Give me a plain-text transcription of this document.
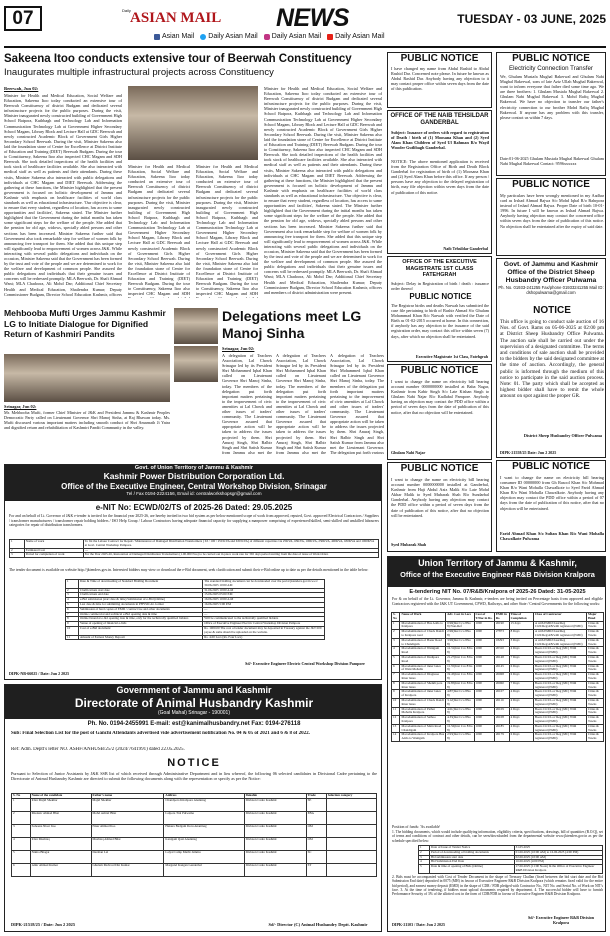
07	Daily ASIAN MAIL NEWS	TUESDAY - 03 JUNE, 2025
Asian Mail Daily Asian Mail Daily Asian Mail Daily Asian Mail
Sakeena Itoo conducts extensive tour of Beerwah Constituency
Inaugurates multiple infrastructural projects across Constituency
Beerwah, Jun 02:
Minister for Health and Medical Education, Social Welfare and Education, Sakeena Itoo today conducted an extensive tour of Beerwah Constituency of district Budgam and dedicated several infrastructure projects for the public purposes. During the visit, Minister inaugurated newly constructed building of Government High School Batpora, Kuthbagh and Technology Lab and Information Communication Technology Lab at Government Higher Secondary School Magam, Library Block and Lecture Hall at GDC Beerwah and newly constructed Academic Block of Government Girls Higher Secondary School Beerwah. During the visit, Minister Sakeena also laid the foundation stone of Centre for Excellence at District Institute of Education and Training (DIET) Beerwah Budgam. During the tour to Constituency, Sakeena Itoo also inspected CHC Magam and SDH Beerwah. She took detailed inspections of the health facilities and took stock of healthcare facilities available. She also interacted with medical staff as well as patients and their attendants. During these visits, Minister Sakeena also interacted with public delegations and individuals at CHC Magam and DIET Beerwah. Addressing the gathering at these functions, the Minister highlighted that the present government is focused on holistic development of Jammu and Kashmir with emphasis on healthcare facilities of world class standards as well as educational infrastructure. 'Our objective is clear, to ensure that every student, regardless of location, has access to same opportunities and facilities', Sakeena stated. The Minister further highlighted that the Government during the initial months has taken some significant steps for the welfare of the people. She added that the pension for old age, widows, specially abled persons and other sections has been increased. Minister Sakeena further said that Government also took remarkable step for welfare of women folk by announcing free transport for them. She added that this unique step will significantly lead to empowerment of women across J&K. While interacting with several public delegations and individuals on the occasion, Minister Sakeena said that the Government has been formed by the trust and vote of the people and we are determined to work for the welfare and development of common people. She assured the public delegations and individuals that their genuine issues and concerns will be redressed promptly. MLA Beerwah, Dr. Shafi Ahmad Wani; MLA Chadoora, Ali Mohd Dar; Additional Chief Secretary Health and Medical Education, Shailendra Kumar; Deputy Commissioner Budgam, Director School Education Kashmir, officers
Minister for Health and Medical Education, Social Welfare and Education, Sakeena Itoo today conducted an extensive tour of Beerwah Constituency of district Budgam and dedicated several infrastructure projects for the public purposes. During the visit, Minister inaugurated newly constructed building of Government High School Batpora, Kuthbagh and Technology Lab and Information Communication Technology Lab at Government Higher Secondary School Magam, Library Block and Lecture Hall at GDC Beerwah and newly constructed Academic Block of Government Girls Higher Secondary School Beerwah. During the visit, Minister Sakeena also laid the foundation stone of Centre for Excellence at District Institute of Education and Training (DIET) Beerwah Budgam. During the tour to Constituency, Sakeena Itoo also inspected CHC Magam and SDH
Minister for Health and Medical Education, Social Welfare and Education, Sakeena Itoo today conducted an extensive tour of Beerwah Constituency of district Budgam and dedicated several infrastructure projects for the public purposes. During the visit, Minister inaugurated newly constructed building of Government High School Batpora, Kuthbagh and Technology Lab and Information Communication Technology Lab at Government Higher Secondary School Magam, Library Block and Lecture Hall at GDC Beerwah and newly constructed Academic Block of Government Girls Higher Secondary School Beerwah. During the visit, Minister Sakeena also laid the foundation stone of Centre for Excellence at District Institute of Education and Training (DIET) Beerwah Budgam. During the tour to Constituency, Sakeena Itoo also inspected CHC Magam and SDH
Minister for Health and Medical Education, Social Welfare and Education, Sakeena Itoo today conducted an extensive tour of Beerwah Constituency of district Budgam and dedicated several infrastructure projects for the public purposes. During the visit, Minister inaugurated newly constructed building of Government High School Batpora, Kuthbagh and Technology Lab and Information Communication Technology Lab at Government Higher Secondary School Magam, Library Block and Lecture Hall at GDC Beerwah and newly constructed Academic Block of Government Girls Higher Secondary School Beerwah. During the visit, Minister Sakeena also laid the foundation stone of Centre for Excellence at District Institute of Education and Training (DIET) Beerwah Budgam. During the tour to Constituency, Sakeena Itoo also inspected CHC Magam and SDH Beerwah. She took detailed inspections of the health facilities and took stock of healthcare facilities available. She also interacted with medical staff as well as patients and their attendants. During these visits, Minister Sakeena also interacted with public delegations and individuals at CHC Magam and DIET Beerwah. Addressing the gathering at these functions, the Minister highlighted that the present government is focused on holistic development of Jammu and Kashmir with emphasis on healthcare facilities of world class standards as well as educational infrastructure. 'Our objective is clear, to ensure that every student, regardless of location, has access to same opportunities and facilities', Sakeena stated. The Minister further highlighted that the Government during the initial months has taken some significant steps for the welfare of the people. She added that the pension for old age, widows, specially abled persons and other sections has been increased. Minister Sakeena further said that Government also took remarkable step for welfare of women folk by announcing free transport for them. She added that this unique step will significantly lead to empowerment of women across J&K. While interacting with several public delegations and individuals on the occasion, Minister Sakeena said that the Government has been formed by the trust and vote of the people and we are determined to work for the welfare and development of common people. She assured the public delegations and individuals that their genuine issues and concerns will be redressed promptly. MLA Beerwah, Dr. Shafi Ahmad Wani; MLA Chadoora, Ali Mohd Dar; Additional Chief Secretary Health and Medical Education, Shailendra Kumar; Deputy Commissioner Budgam, Director School Education Kashmir, officers and members of district administration were present.
Mehbooba Mufti Urges Jammu Kashmir LG to Initiate Dialogue for Dignified Return of Kashmiri Pandits
Srinagar, Jun 02:
Mr. Mehbooba Mufti, former Chief Minister of J&K and President Jammu & Kashmir Peoples Democratic Party called on Lieutenant Governor Shri Manoj Sinha, at Raj Bhawan today. Ms. Mufti discussed various important matters including smooth conduct of Shri Amarnath Ji Yatra and dignified return and rehabilitation of Kashmiri Pandit Community in the valley.
Delegations meet LG Manoj Sinha
Srinagar, Jun 02:
A delegation of Teachers Association, Lal Chowk Srinagar led by its President Shri Mohammed Iqbal Khan called on Lieutenant Governor Shri Manoj Sinha, today. The members of the delegation put forth important matters pertaining to the improvement of civic amenities at Lal Chowk and other issues of traders' community. The Lieutenant Governor assured that appropriate action will be taken to address the issues projected by them. Shri Anuraj Singh, Shri Balbir Singh and Shri Satish Kumar from Jammu also met the
A delegation of Teachers Association, Lal Chowk Srinagar led by its President Shri Mohammed Iqbal Khan called on Lieutenant Governor Shri Manoj Sinha, today. The members of the delegation put forth important matters pertaining to the improvement of civic amenities at Lal Chowk and other issues of traders' community. The Lieutenant Governor assured that appropriate action will be taken to address the issues projected by them. Shri Anuraj Singh, Shri Balbir Singh and Shri Satish Kumar from Jammu also met the
A delegation of Teachers Association, Lal Chowk Srinagar led by its President Shri Mohammed Iqbal Khan called on Lieutenant Governor Shri Manoj Sinha, today. The members of the delegation put forth important matters pertaining to the improvement of civic amenities at Lal Chowk and other issues of traders' community. The Lieutenant Governor assured that appropriate action will be taken to address the issues projected by them. Shri Anuraj Singh, Shri Balbir Singh and Shri Satish Kumar from Jammu also met the Lieutenant Governor. The delegation put forth various
PUBLIC NOTICE
I have changed my name from Abdul Rashid to Abdul Rashid Dar. Concerned note please. In future be known as Abdul Rashid Dar. Anybody having any objection to it may contact proper office within seven days from the date of this publication.
OFFICE OF THE NAIB TEHSILDAR GANDERBAL
Subject: Issuance of orders with regard to registration of Death / birth of (1) Moosana Khan and (2) Syed Alam Khan Children of Syed Ul Rahman R/o Wayil Wooder Gutlibagh Ganderbal.
NOTICE: The above mentioned application is received from the Registration Office of Birth and Death Block Ganderbal for registration of birth of (1) Moosana Khan and (2) Syed Alam Khan before this office. If any person / persons have any objection to the delayed registration of birth, may file objection within seven days from the date of publication of this notice.
Naib Tehsildar Ganderbal
OFFICE OF THE EXECUTIVE MAGISTRATE 1ST CLASS FATEHGRAH
Subject: Delay in Registration of birth / death : issuance order thereof
PUBLIC NOTICE
The Registrar births and deaths Narwah has submitted the case file pertaining to birth of Bashir Ahmad S/o Ghulam Mohammad Khan R/o Narwah with verified the Date of Birth as 01-02-2015 occurred at home. In this connection, if anybody has any objection to the issuance of the said registration order, may contact this office within seven (7) days, after which no objection shall be entertained.
Executive Magistrate 1st Class, Fatehgrah
PUBLIC NOTICE
I want to change the name on electricity bill bearing account number 0000000000 installed at Baba Nagar, Kashmir from Kabir Singh S/o Late Kishan Singh to Ghulam Nabi Najar R/o Kadlabal Pampore. Anybody having an objection may contact the PDD office within a period of seven days from the date of publication of this notice, after that no objection will be entertained.
Ghulam Nabi Najar
PUBLIC NOTICE
I want to change the name on electricity bill bearing account number 0000000000 installed at Ganderbal, Kashmir from Haji Abdul Aziz Malik S/o Late Mohd Akbar Malik to Syed Mubarak Shah R/o Sundarbal Ganderbal. Anybody having any objection may contact the PDD office within a period of seven days from the date of publication of this notice, after that no objection will be entertained.
Syed Mubarak Shah
PUBLIC NOTICE
Electricity Connection Transfer
We, Ghulam Mustafa Mughal Bakerwal and Ghulam Nabi Mughal Bakerwal, sons of late Aziz Ullah Mughal Bakerwal, want to inform everyone that father died some time ago. We are three brothers: 1. Ghulam Mustafa Mughal Bakerwal 2. Ghulam Nabi Mughal Bakerwal 3. Mohd Rafiq Mughal Bakerwal. We have no objection to transfer our father's electricity connection to our brother Mohd Rafiq Mughal Bakerwal. If anyone has any problem with this transfer, please contact us within 7 days.
Date:01-06-2025 Ghulam Mustafa Mughal Bakerwal Ghulam Nabi Mughal Bakerwal Contact: 9596xxxxxx
PUBLIC NOTICE
My particulars have been wrongly mentioned in my Aadhar card as Irshad Ahmad Bajwa S/o Mohd Iqbal R/o Bahrpora instead of Irshad Ahmad Bajwa. Proper Date of birth 10-01-1996. In future I will be known as Irshad Ahmad Bajwa. Anybody having objection may contact the concerned office within seven days from the date of publication of this notice. No objection shall be entertained after the expiry of said date.
Govt. of Jammu and Kashmir Office of the District Sheep Husbandry Officer Pulwama
Ph. No. 01933-241255 Fax/phone 01933241255 Mail ID: dshopulwama@gmail.com
NOTICE
This office is going to conduct sale auction of 16 Nos. of Govt. Rams on 05-06-2025 at 02:00 pm at District Sheep Husbandry Office Pulwama. The auction sale shall be carried out under the supervision of a designated committee. The terms and conditions of sale auction shall be provided to the bidders by the said designated committee at the time of auction. Accordingly, the general public is informed through the medium of this notice to participate in the said auction process. Note: 01. The party which shall be accepted as highest bidder shall have to remit the whole amount on spot against the proper GR.
District Sheep Husbandry Officer Pulwama
DIPK-21558/25 Date: Jun 2 2025
PUBLIC NOTICE
I want to change the name on electricity bill bearing consumer ID 00000000 from Gh Rasool Khan S/o Mohmad Khan R/o Wani Mohalla Chawalkote to Syed Farid Ahmad Khan R/o Wani Mohalla Chawalkote. Anybody having any objection may contact the PDD office within a period of 07 days from the date of publication of this notice, after that no objection will be entertained.
Farid Ahmad Khan S/o Sultan Khan R/o Wani Mohalla Chawalkote Pulwama
Govt. of Union Territory of Jammu & Kashmir
Kashmir Power Distribution Corporation Ltd.
Office of the Executive Engineer, Central Workshop Division, Srinagar
Tel / Fax 0194-2224156, Email id: centralworkshopsgr@gmail.com
e-NIT No: ECWD/02/TS of 2025-26 Dated: 29.05.2025
For and on behalf of Lt. Governor of J&K e-tender is invited for the financial year 2025-26, are hereby invited in two bid system as per below mentioned scope of work from approved, reputed, Govt. approved Electrical Contractors / Suppliers / transformer manufacturers / transformer repair holding bidders / ISO Help Group / Labour Contractors having adequate financial capacity for supplying a manpower comprising of experienced/skilled, semi-skilled and unskilled labourers categories for repair of distribution transformers.
1	Name of work	To fix the Labour Contract for Repair / Maintenance of Damaged Distribution Transformers ( 63 / 100 / 250 KVA and 630 KVA) of different capacities via 25KVA, 63KVA, 100KVA, 250KVA, 400KVA, 630KVA and 1000KVA at Govt. Central Workshop Pampore.
2	Estimated Cost	---
3	Period for completion of work	For the Year 2025-26, Restoration of Damaged Distribution Transformers (1.00.000 Nos) to be carried out in piece work rate for 365 days period starting from the date of issue of Work Order.
The tender document is available on website http://jktenders.gov.in. Interested bidders may view or download the e-Bid document, seek clarification and submit their e-Bid online up to date as per the details mentioned in the table below:
1	Date & Time of downloading of Standard Bidding Document	The standard bidding document can be downloaded over the portal jktenders.gov.in w.e.f 30.06.2025 10:00 AM
2	Clarifications start date	31.06.2025 10:00 A.M
3	Clarifications end date	15.06.2025 05:00 P.M
4	e-Bid submission (start date & time) Submission of e-Bid (Online)	16.06.2025 10:00 A.M
5	Last date & time for submitting documents in PHYSICAL format	16.06.2025 5:00 P.M
6	Submission of hard copies of EMD / contract fee and other documents	---
7	Online commercial and technical e-Bid opening date & time	---
8	Online financial e-bid opening date & time, only for the technically qualified bidders	Will be communicated to the technically qualified bidders
9	Venue of opening of financial e-bids	Office of Executive Engineer Electric Central Workshop Division Pampore
10	Cost of e-Bid document	Rs. 1000.00 The cost of tender document may be deposited in Treasury against the JKT 009 payee & same should be uploaded on the website.
11	Amount of Earnest Money Deposit	Rs. 4.00 Lacs (Rs. Four Lacs)
Sd/- Executive Engineer Electric Central Workshop Division Pampore
DIPK-NB-66025 / Date: Jun 2 2025
Government of Jammu and Kashmir
Directorate of Animal Husbandry Kashmir
(Goal Mahal) Srinagar - 190001)
Ph. No. 0194-2455991 E-mail: est@kanimalhusbandry.net Fax: 0194-276118
Sub: Final Selection List for the post of Ganchi Attendants advertised vide advertisement notification No. 04 & 05 of 2021 and 6 & 8 of 2022.
Ref: Adm. Deptt's letter NO. ASHF/ANHUSB/25/2 (2024/7641991) dated 22.05.2025.
NOTICE
Pursuant to Selection of Junior Assistants by J&K SSB list of which received through Administrative Department and in lieu whereof, the following 06 selected candidates in Divisional Cadre pertaining to the Directorate of Animal Husbandry Kashmir are directed to submit the following documents along with the representation or specify as per the Notice:
S. No	Name of the candidate	Father's name	Address	Dakahle	Trade	Selection category
1	Irfan Majid Shekhar	Majid Shekhar	Chandpora Kitabpora Anantnag	Division Cadre Kashmir	SE	
2	Mudasir Ahmad Bhat	Mohd Ashraf Bhat	Lalpora Tral Pulwama	Division Cadre Kashmir	EBA	
3	Sabeena Nisar Itoo	Nisar Ahmad Itoo	Hakura Badgam Doru Anantnag	Division Cadre Kashmir	OM	
4	Irfan Mushtaq	Mushtaq Ahmad Bhat	Kanigam Qazi Anantnag	Division Cadre Kashmir	OM	
5	Nikita Bhagat	Darshan Lal	Lalyal Camp Muthi Jammu	Division Cadre Kashmir	SC	
6	Amir Ahmad Kumar	Ghulam Mohi ud Din Kumar	Margund Kangan Ganderbal	Division Cadre Kashmir	ST	
Sd/- Director (C) Animal Husbandry Deptt. Kashmir
DIPK-21518/25 / Date: Jun 2 2025
Union Territory of Jammu & Kashmir,
Office of the Executive Engineer R&B Division Kralpora
E-tendering NIT No. 07/R&B/Kralpora of 2025-26 Dated: 31-05-2025
For & on behalf of the Lt. Governor, Jammu & Kashmir, e-tenders are being invited on Percentage basis from approved and eligible Contractors registered with the J&K UT Government, CPWD, Railways, and other State / Central Governments for the following works:
S. No	Name of Work	Adv. Cost in Lacs	Cost of T/Doc in Rs.	EMD in Rs.	Time of Completion	Class of Contractor	Major Head
1	Macadamization of Bus Adda to Kralpora	0.99(Inst Cco 83to 8) Non-Ref	1000	26190	15 days	A with EMD/Class/Reg Civil/Reg/AB/with registered (EMD)	Cities & Towns
2	Macadamization of Check Dandi to Kralpora road	2.99(Inst Cco 83to 8)	1000	27873	8 Days	A with EMD/Class/Reg Civil/Reg/AB/with registered (EMD)	Cities & Towns
3	Macadamization of Bazar Road to Chandigam	3.99(Inst Cco 83to 8)	1000	18293	3 Days	A with EMD/Class/Reg Civil/Reg/AB/with registered (EMD)	Cities & Towns
4	Macadamization of Wanigam Road	12.31(Inst Cco 83to 8)	1000	20310	4 Days	Boots Civil Lov Reg (MC) With registered (EMD)	Cities & Towns
5	Macadamization of Dudipora Road	21.27(Inst Cco 83to 8)	1000	26148	7 Days	Boots Civil Lov Reg (MC) With registered (EMD)	Cities & Towns
6	Macadamization of inner lanes of Wani Mohalla	11.35(Inst Cco 83to 8)	1000	26145	6 Days	Boots Civil Lov Reg (MC) With registered (EMD)	Cities & Towns
7	Macadamization of Diagnose Inner lanes	19.45(Inst Cco 83to 8)	1000	26068	6 Days	Boots Civil Lov Reg (MC) With registered (EMD)	Cities & Towns
8	Macadamization of Sheikh pora Inner lanes	19.85(Inst Cco 83to 8)	1000	26060	7 Days	Boots Civil Lov Reg (MC) With registered (EMD)	Cities & Towns
9	Macadamization of inner lanes of Kralpora	4.87(Inst Cco 83to 8)	1000	26107	4 Days	Boots Civil Lov Reg (MC) With registered (EMD)	Cities & Towns
10	Macadamization of Check Dandi Inner lanes	3.12(Inst Cco 83to 8)	1000	26116	4 Days	Boots Civil Lov Reg (MC) With registered (EMD)	Cities & Towns
11	Macadamization of Pather Mohalla Kralpora	4.61(Inst Cco 83to 8)	1000	26109	4 Days	Boots Civil Lov Reg (MC) With registered (EMD)	Cities & Towns
12	Macadamization of Sathoo Kralpora	4.33(Inst Cco 83to 8)	1000	26108	4 Days	Boots Civil Lov Reg (MC) With registered (EMD)	Cities & Towns
13	Macadamization of Main Road Chandigam	12.56(Inst Cco 83to 8)	1000	26185	4 Days	Boots Civil Lov Reg (MC) With registered (EMD)	Cities & Towns
14	Macadamization of Kralpora Bus Adda to Wanigam	2.93(Inst Cco 83to 8)	1000	26179	6 Days	Boots Civil Lov Reg (MC) With registered (EMD)	Cities & Towns
Position of funds: 'As available'
1. The bidding documents, which would include qualifying information, eligibility criteria, specifications, drawings, bill of quantities (B.O.Q), set of terms and conditions of contract and other details, can be seen/downloaded from the departmental website www.jktenders.gov.in as per the schedule specified below:
1	Date of Issue of Tender Notice	31.05.2025
2	Period of downloading of bidding documents	01.06.2025 (10:00 AM) to 16.06.2025 (4:00 PM)
3	Bid submission start date	02.06.2025 (10:00 AM)
4	Bid Submission End Date	16.06.2025 (4:00 PM)
5	Date & time of opening of Bids (Online)	17.06.2025 (11:00 Noon) In the Office of Executive Engineer R&B Division Kralpora
2. Bids must be accompanied with Cost of Tender Document in the shape of Treasury Challan (fixed between the bid start date and the Bid Submission End date) deposited in 0075 (MH) in favour of Executive Engineer R&B Division Kralpora (which remains fixed valid for the entire bid period), and earnest money deposit (EMD) in the shape of CDR / FDR pledged with Contractor No., NIT No. and Serial No. of Work on NIT's face. 3. At the time of tendering, if bidders must upload documents required by department. 4. The successful bidder will have to furnish Performance Security of 3% of the allotted cost in the form of CDR/FDR in favour of Executive Engineer R&B Division Kralpora.
Sd/- Executive Engineer R&B Division Kralpora
DIPK-21103 / Date: Jun 2 2025
